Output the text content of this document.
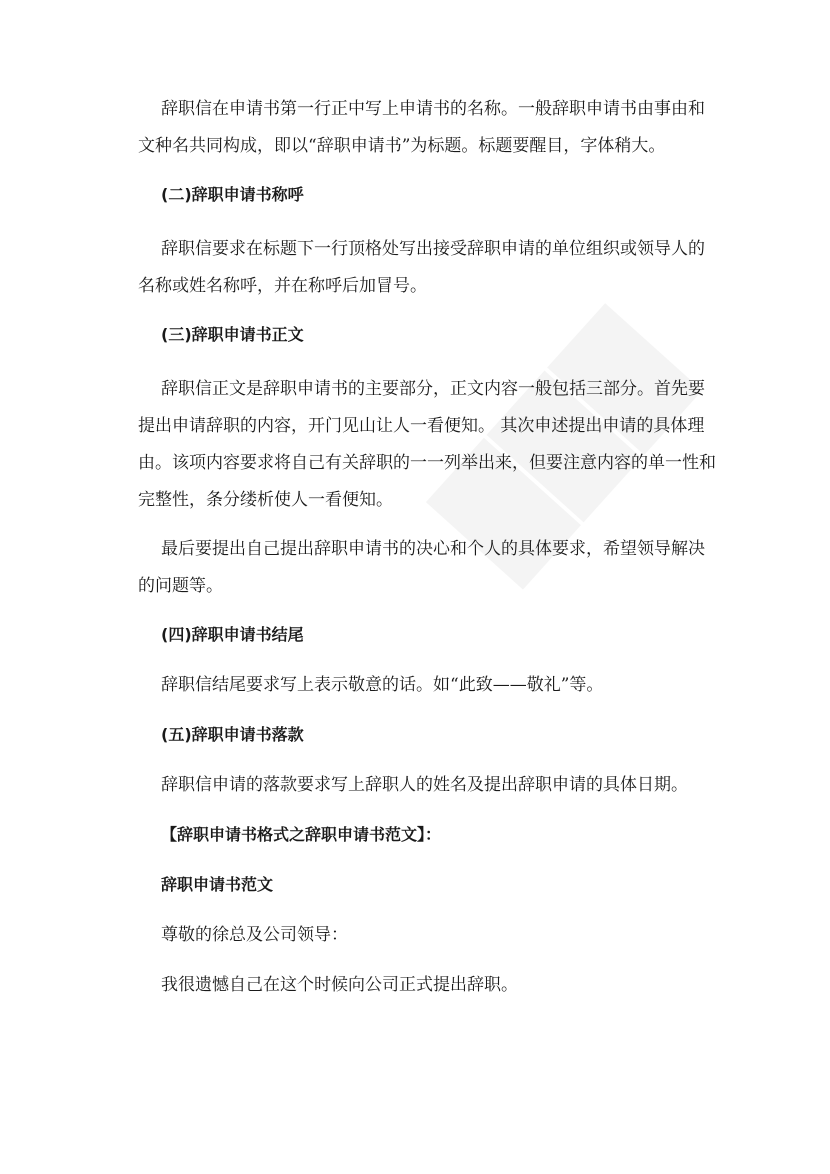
辞职信在申请书第一行正中写上申请书的名称。一般辞职申请书由事由和
文种名共同构成，即以“辞职申请书”为标题。标题要醒目，字体稍大。
(二)辞职申请书称呼
辞职信要求在标题下一行顶格处写出接受辞职申请的单位组织或领导人的
名称或姓名称呼，并在称呼后加冒号。
(三)辞职申请书正文
辞职信正文是辞职申请书的主要部分，正文内容一般包括三部分。首先要
提出申请辞职的内容，开门见山让人一看便知。 其次申述提出申请的具体理
由。该项内容要求将自己有关辞职的一一列举出来，但要注意内容的单一性和
完整性，条分缕析使人一看便知。
最后要提出自己提出辞职申请书的决心和个人的具体要求，希望领导解决
的问题等。
(四)辞职申请书结尾
辞职信结尾要求写上表示敬意的话。如“此致——敬礼”等。
(五)辞职申请书落款
辞职信申请的落款要求写上辞职人的姓名及提出辞职申请的具体日期。
【辞职申请书格式之辞职申请书范文】：
辞职申请书范文
尊敬的徐总及公司领导：
我很遗憾自己在这个时候向公司正式提出辞职。
